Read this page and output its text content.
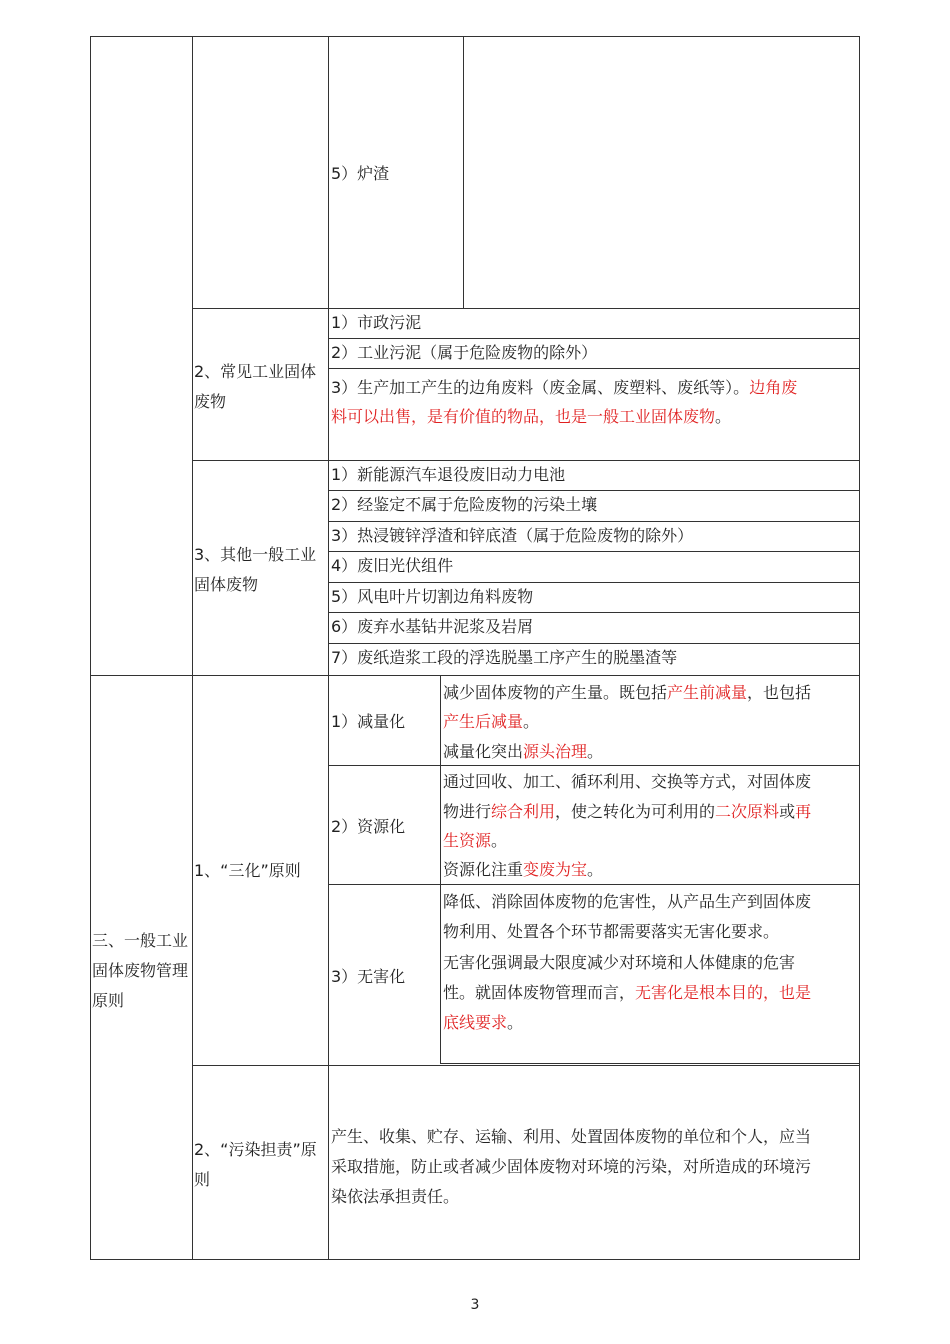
5）炉渣
2、常见工业固体废物
1）市政污泥
2）工业污泥（属于危险废物的除外）
3）生产加工产生的边角废料（废金属、废塑料、废纸等）。边角废
料可以出售，是有价值的物品，也是一般工业固体废物。
3、其他一般工业固体废物
1）新能源汽车退役废旧动力电池
2）经鉴定不属于危险废物的污染土壤
3）热浸镀锌浮渣和锌底渣（属于危险废物的除外）
4）废旧光伏组件
5）风电叶片切割边角料废物
6）废弃水基钻井泥浆及岩屑
7）废纸造浆工段的浮选脱墨工序产生的脱墨渣等
三、一般工业固体废物管理原则
1、“三化”原则
1）减量化
减少固体废物的产生量。既包括产生前减量，也包括
产生后减量。
减量化突出源头治理。
2）资源化
通过回收、加工、循环利用、交换等方式，对固体废
物进行综合利用，使之转化为可利用的二次原料或再
生资源。
资源化注重变废为宝。
3）无害化
降低、消除固体废物的危害性，从产品生产到固体废
物利用、处置各个环节都需要落实无害化要求。
无害化强调最大限度减少对环境和人体健康的危害
性。就固体废物管理而言，无害化是根本目的，也是
底线要求。
2、“污染担责”原则
产生、收集、贮存、运输、利用、处置固体废物的单位和个人，应当
采取措施，防止或者减少固体废物对环境的污染，对所造成的环境污
染依法承担责任。
3
